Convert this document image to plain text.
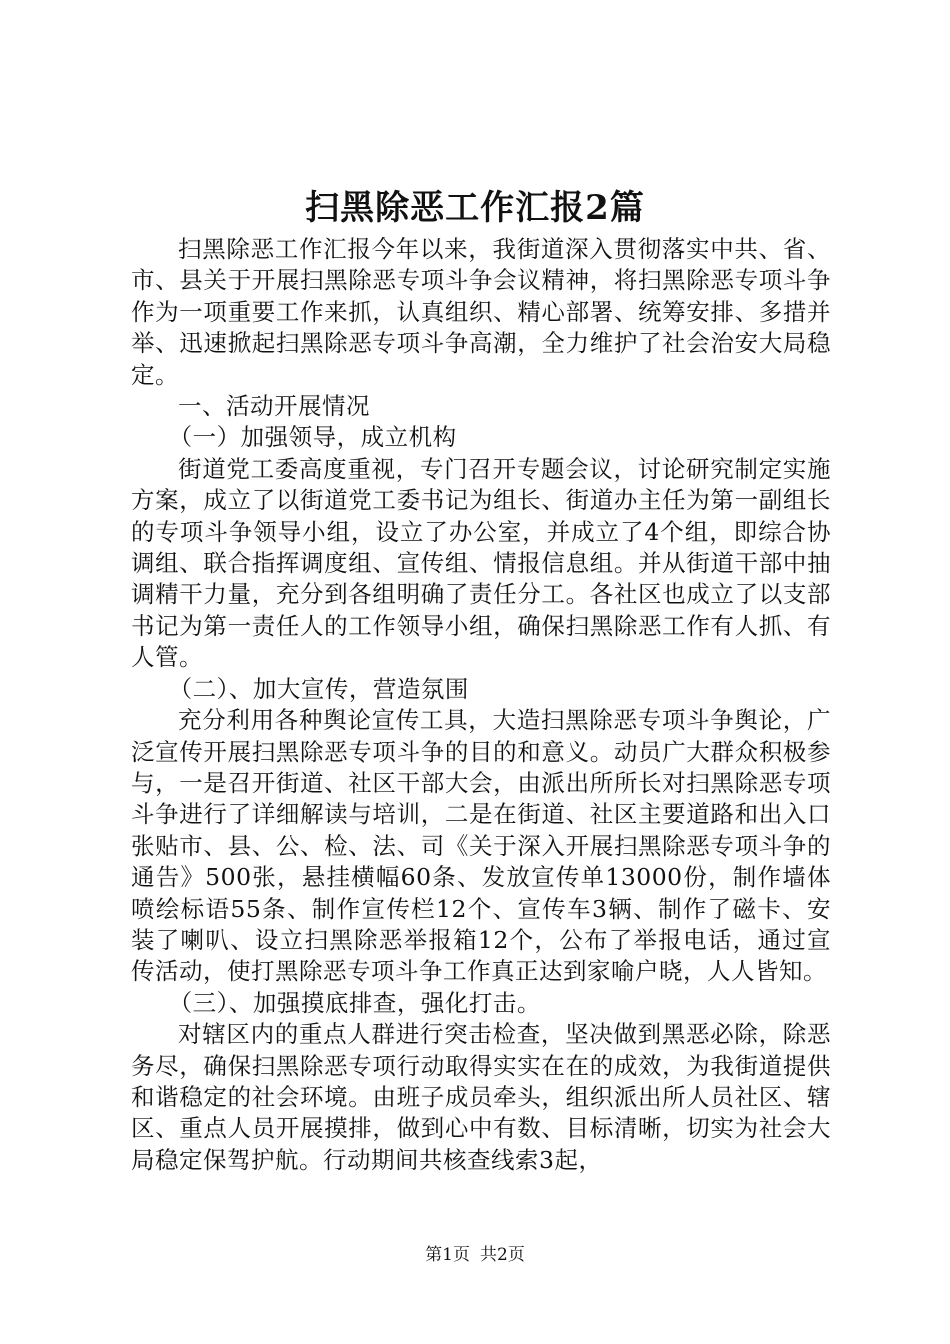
扫黑除恶工作汇报2篇

扫黑除恶工作汇报今年以来，我街道深入贯彻落实中共、省、市、县关于开展扫黑除恶专项斗争会议精神，将扫黑除恶专项斗争作为一项重要工作来抓，认真组织、精心部署、统筹安排、多措并举、迅速掀起扫黑除恶专项斗争高潮，全力维护了社会治安大局稳定。

一、活动开展情况

（一）加强领导，成立机构

街道党工委高度重视，专门召开专题会议，讨论研究制定实施方案，成立了以街道党工委书记为组长、街道办主任为第一副组长的专项斗争领导小组，设立了办公室，并成立了4个组，即综合协调组、联合指挥调度组、宣传组、情报信息组。并从街道干部中抽调精干力量，充分到各组明确了责任分工。各社区也成立了以支部书记为第一责任人的工作领导小组，确保扫黑除恶工作有人抓、有人管。

（二）、加大宣传，营造氛围

充分利用各种舆论宣传工具，大造扫黑除恶专项斗争舆论，广泛宣传开展扫黑除恶专项斗争的目的和意义。动员广大群众积极参与，一是召开街道、社区干部大会，由派出所所长对扫黑除恶专项斗争进行了详细解读与培训，二是在街道、社区主要道路和出入口张贴市、县、公、检、法、司《关于深入开展扫黑除恶专项斗争的通告》500张，悬挂横幅60条、发放宣传单13000份，制作墙体喷绘标语55条、制作宣传栏12个、宣传车3辆、制作了磁卡、安装了喇叭、设立扫黑除恶举报箱12个，公布了举报电话，通过宣传活动，使打黑除恶专项斗争工作真正达到家喻户晓，人人皆知。

（三）、加强摸底排查，强化打击。

对辖区内的重点人群进行突击检查，坚决做到黑恶必除，除恶务尽，确保扫黑除恶专项行动取得实实在在的成效，为我街道提供和谐稳定的社会环境。由班子成员牵头，组织派出所人员社区、辖区、重点人员开展摸排，做到心中有数、目标清晰，切实为社会大局稳定保驾护航。行动期间共核查线索3起，

第1页 共2页
